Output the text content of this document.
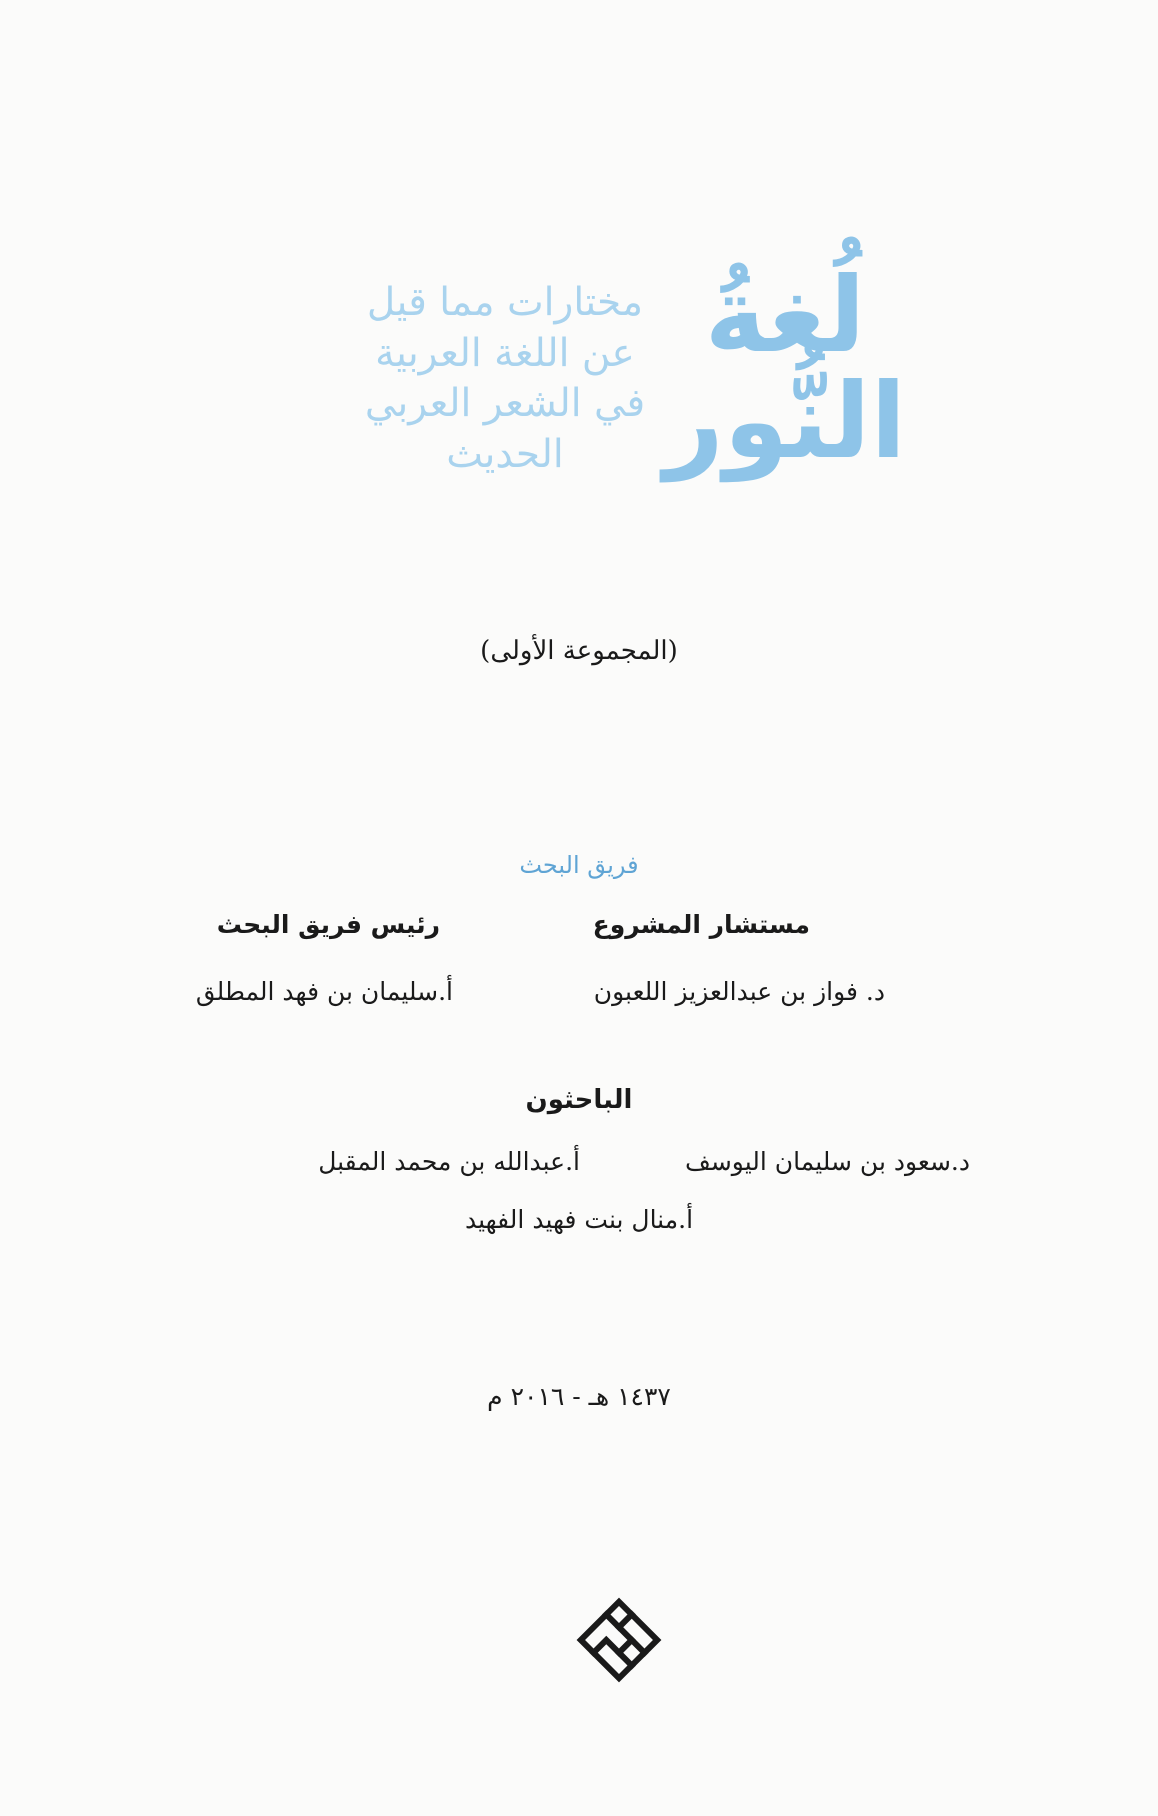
لُغةُ
النُّور
مختارات مما قيل
عن اللغة العربية
في الشعر العربي
الحديث
(المجموعة الأولى)
فريق البحث
مستشار المشروع
د. فواز بن عبدالعزيز اللعبون
رئيس فريق البحث
أ.سليمان بن فهد المطلق
الباحثون
د.سعود بن سليمان اليوسف
أ.عبدالله بن محمد المقبل
أ.منال بنت فهيد الفهيد
١٤٣٧ هـ - ٢٠١٦ م
